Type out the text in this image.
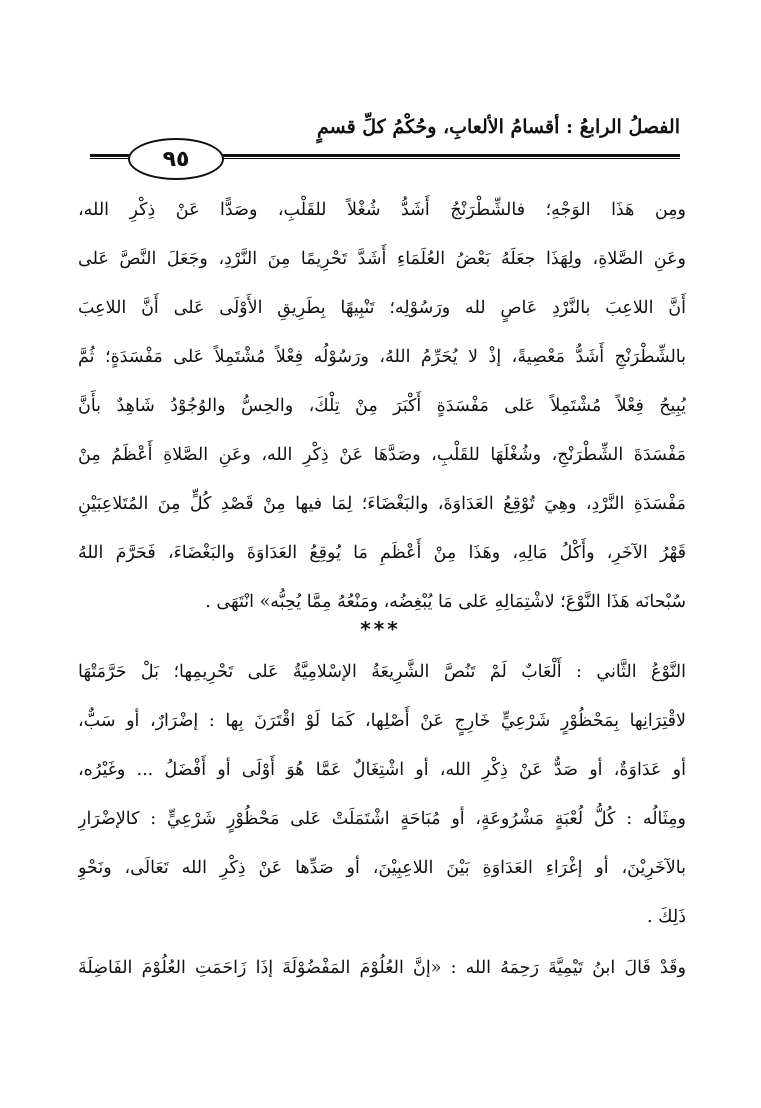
الفصلُ الرابعُ : أقسامُ الألعابِ، وحُكْمُ كلِّ قسمٍ
٩٥
ومِن هَذَا الوَجْهِ؛ فالشِّطْرَنْجُ أَشَدُّ شُغْلاً للقَلْبِ، وصَدًّا عَنْ ذِكْرِ الله،
وعَنِ الصَّلاةِ، ولِهَذَا جعَلَهُ بَعْضُ العُلَمَاءِ أَشَدَّ تَحْرِيمًا مِنَ النَّرْدِ، وجَعَلَ النَّصَّ عَلى
أَنَّ اللاعِبَ بالنَّرْدِ عَاصٍ لله ورَسُوْلِه؛ تَنْبِيهًا بِطَرِيقِ الأَوْلَى عَلى أَنَّ اللاعِبَ
بالشِّطْرَنْجِ أَشَدُّ مَعْصِيةً، إذْ لا يُحَرِّمُ اللهُ، ورَسُوْلُه فِعْلاً مُشْتَمِلاً عَلى مَفْسَدَةٍ؛ ثُمَّ
يُبِيحُ فِعْلاً مُشْتَمِلاً عَلى مَفْسَدَةٍ أَكْبَرَ مِنْ تِلْكَ، والحِسُّ والوُجُوْدُ شَاهِدٌ بأَنَّ
مَفْسَدَةَ الشِّطْرَنْجِ، وشُغْلَهَا للقَلْبِ، وصَدَّهَا عَنْ ذِكْرِ الله، وعَنِ الصَّلاةِ أَعْظَمُ مِنْ
مَفْسَدَةِ النَّرْدِ، وهِيَ تُوْقِعُ العَدَاوَةَ، والبَغْضَاءَ؛ لِمَا فيها مِنْ قَصْدِ كُلٍّ مِنَ المُتَلاعِبَيْنِ
قَهْرُ الآخَرِ، وأَكْلُ مَالِهِ، وهَذَا مِنْ أَعْظَمِ مَا يُوقِعُ العَدَاوَةَ والبَغْضَاءَ، فَحَرَّمَ اللهُ
سُبْحانَه هَذَا النَّوْعَ؛ لاشْتِمَالِهِ عَلى مَا يُبْغِضُه، ومَنْعُهُ مِمَّا يُحِبُّه» انْتَهَى .
***
النَّوْعُ الثَّاني : أَلْعَابٌ لَمْ تَنُصَّ الشَّرِيعَةُ الإسْلامِيَّةُ عَلى تَحْرِيمِها؛ بَلْ حَرَّمَتْهَا
لاقْتِرَانِها بِمَحْظُوْرٍ شَرْعِيٍّ خَارِجٍ عَنْ أَصْلِها، كَمَا لَوْ اقْتَرَنَ بِها : إضْرَارٌ، أو سَبٌّ،
أو عَدَاوَةٌ، أو صَدٌّ عَنْ ذِكْرِ الله، أو اشْتِغَالٌ عَمَّا هُوَ أَوْلَى أو أَفْضَلُ ... وغَيْرُه،
ومِثَالُه : كُلُّ لُعْبَةٍ مَشْرُوعَةٍ، أو مُبَاحَةٍ اشْتَمَلَتْ عَلى مَحْظُوْرٍ شَرْعِيٍّ : كالإضْرَارِ
بالآخَرِيْنَ، أو إغْرَاءِ العَدَاوَةِ بَيْنَ اللاعِبِيْنَ، أو صَدِّها عَنْ ذِكْرِ الله تَعَالَى، ونَحْوِ
ذَلِكَ .
وقَدْ قَالَ ابنُ تَيْمِيَّةَ رَحِمَهُ الله : «إنَّ العُلُوْمَ المَفْضُوْلَةَ إذَا زَاحَمَتِ العُلُوْمَ الفَاضِلَةَ
